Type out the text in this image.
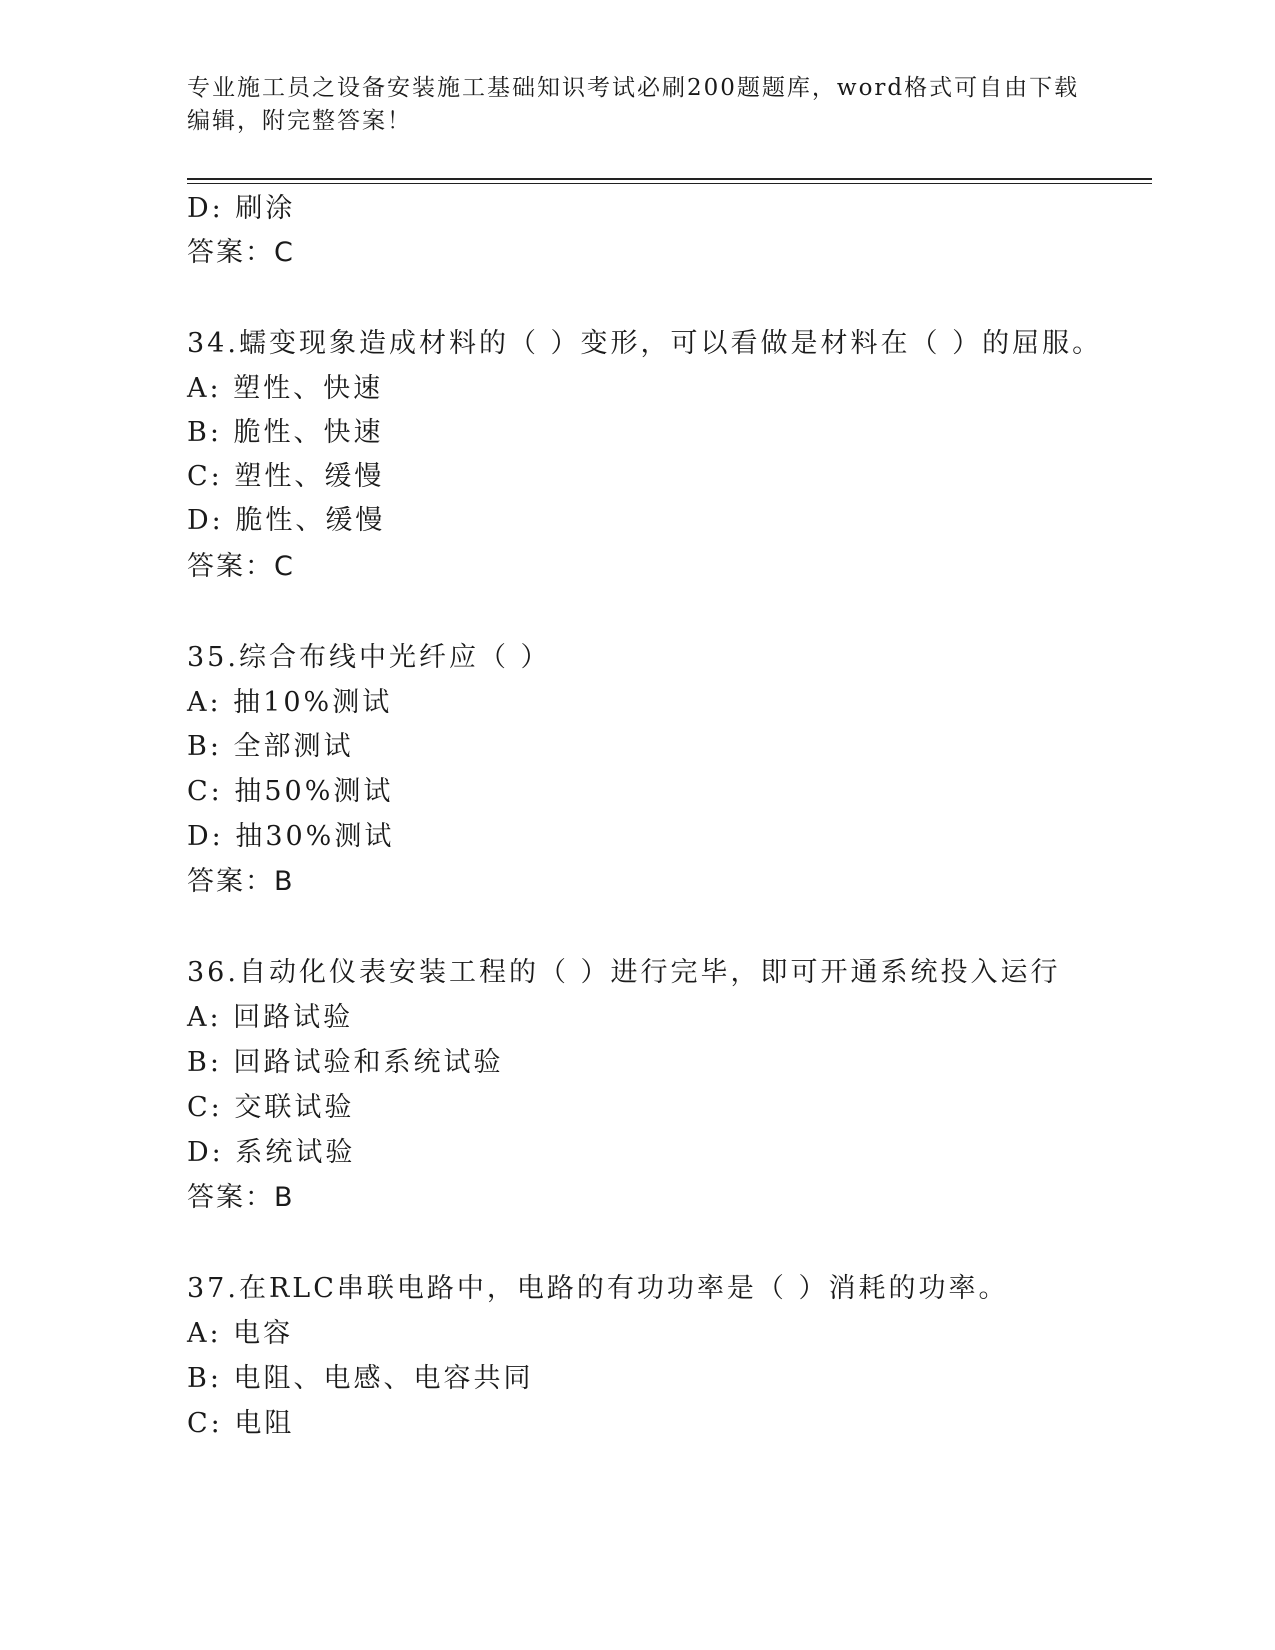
专业施工员之设备安装施工基础知识考试必刷200题题库，word格式可自由下载
编辑，附完整答案！
D: 刷涂
答案：C
34.蠕变现象造成材料的（ ）变形，可以看做是材料在（ ）的屈服。
A: 塑性、快速
B: 脆性、快速
C: 塑性、缓慢
D: 脆性、缓慢
答案：C
35.综合布线中光纤应（ ）
A: 抽10%测试
B: 全部测试
C: 抽50%测试
D: 抽30%测试
答案：B
36.自动化仪表安装工程的（ ）进行完毕，即可开通系统投入运行
A: 回路试验
B: 回路试验和系统试验
C: 交联试验
D: 系统试验
答案：B
37.在RLC串联电路中，电路的有功功率是（ ）消耗的功率。
A: 电容
B: 电阻、电感、电容共同
C: 电阻
